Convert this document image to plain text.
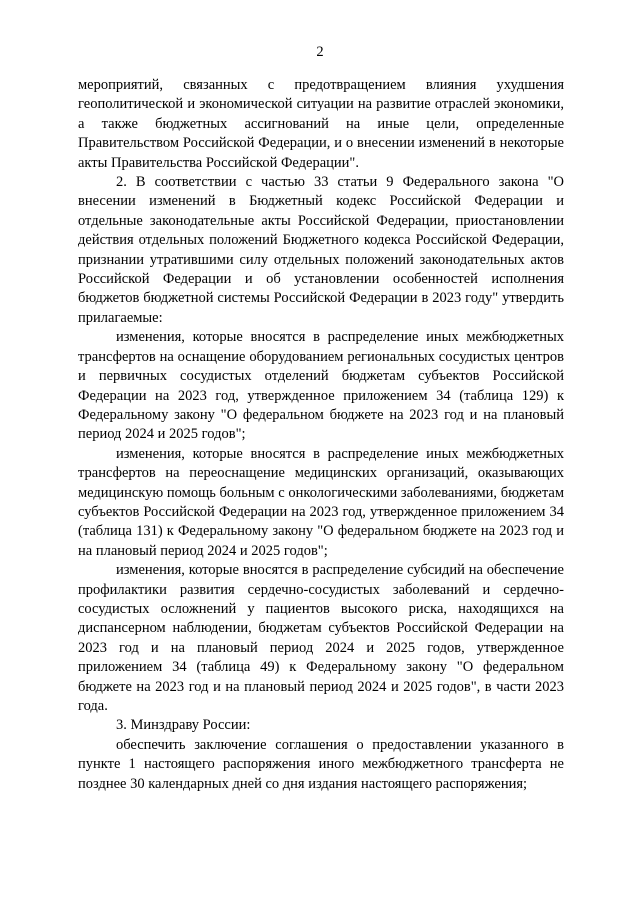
2

мероприятий, связанных с предотвращением влияния ухудшения геополитической и экономической ситуации на развитие отраслей экономики, а также бюджетных ассигнований на иные цели, определенные Правительством Российской Федерации, и о внесении изменений в некоторые акты Правительства Российской Федерации".

2. В соответствии с частью 33 статьи 9 Федерального закона "О внесении изменений в Бюджетный кодекс Российской Федерации и отдельные законодательные акты Российской Федерации, приостановлении действия отдельных положений Бюджетного кодекса Российской Федерации, признании утратившими силу отдельных положений законодательных актов Российской Федерации и об установлении особенностей исполнения бюджетов бюджетной системы Российской Федерации в 2023 году" утвердить прилагаемые:

изменения, которые вносятся в распределение иных межбюджетных трансфертов на оснащение оборудованием региональных сосудистых центров и первичных сосудистых отделений бюджетам субъектов Российской Федерации на 2023 год, утвержденное приложением 34 (таблица 129) к Федеральному закону "О федеральном бюджете на 2023 год и на плановый период 2024 и 2025 годов";

изменения, которые вносятся в распределение иных межбюджетных трансфертов на переоснащение медицинских организаций, оказывающих медицинскую помощь больным с онкологическими заболеваниями, бюджетам субъектов Российской Федерации на 2023 год, утвержденное приложением 34 (таблица 131) к Федеральному закону "О федеральном бюджете на 2023 год и на плановый период 2024 и 2025 годов";

изменения, которые вносятся в распределение субсидий на обеспечение профилактики развития сердечно-сосудистых заболеваний и сердечно-сосудистых осложнений у пациентов высокого риска, находящихся на диспансерном наблюдении, бюджетам субъектов Российской Федерации на 2023 год и на плановый период 2024 и 2025 годов, утвержденное приложением 34 (таблица 49) к Федеральному закону "О федеральном бюджете на 2023 год и на плановый период 2024 и 2025 годов", в части 2023 года.

3. Минздраву России:

обеспечить заключение соглашения о предоставлении указанного в пункте 1 настоящего распоряжения иного межбюджетного трансферта не позднее 30 календарных дней со дня издания настоящего распоряжения;
